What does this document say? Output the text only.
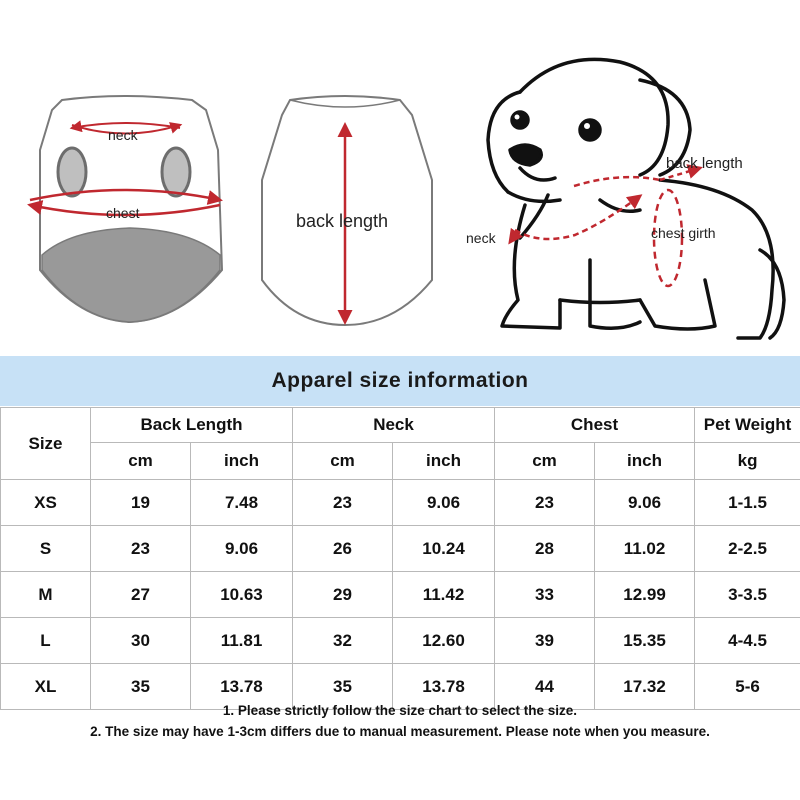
neck
chest	back length
back length
neck	chest girth
Apparel size information
Size	Back Length		Neck		Chest		Pet Weight
	cm	inch	cm	inch	cm	inch	kg
XS	19	7.48	23	9.06	23	9.06	1-1.5
S	23	9.06	26	10.24	28	11.02	2-2.5
M	27	10.63	29	11.42	33	12.99	3-3.5
L	30	11.81	32	12.60	39	15.35	4-4.5
XL	35	13.78	35	13.78	44	17.32	5-6
1. Please strictly follow the size chart to select the size.
2. The size may have 1-3cm differs due to manual measurement. Please note when you measure.
